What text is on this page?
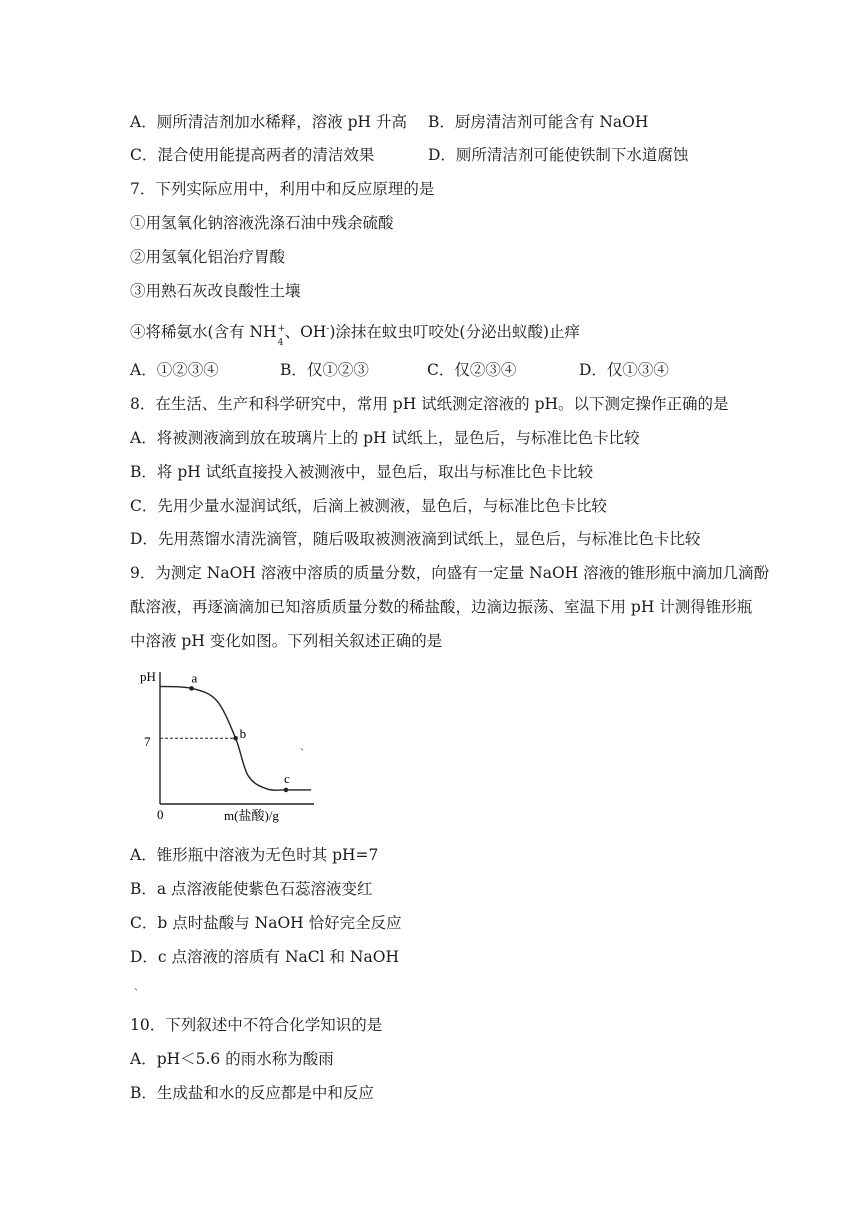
A．厕所清洁剂加水稀释，溶液 pH 升高 B．厨房清洁剂可能含有 NaOH
C．混合使用能提高两者的清洁效果	D．厕所清洁剂可能使铁制下水道腐蚀
7．下列实际应用中，利用中和反应原理的是
①用氢氧化钠溶液洗涤石油中残余硫酸
②用氢氧化铝治疗胃酸
③用熟石灰改良酸性土壤
④将稀氨水(含有 NH +
4
、OH-)涂抹在蚊虫叮咬处(分泌出蚁酸)止痒
A．①②③④	B．仅①②③	C．仅②③④	D．仅①③④
8．在生活、生产和科学研究中，常用 pH 试纸测定溶液的 pH。以下测定操作正确的是
A．将被测液滴到放在玻璃片上的 pH 试纸上，显色后，与标准比色卡比较
B．将 pH 试纸直接投入被测液中，显色后，取出与标准比色卡比较
C．先用少量水湿润试纸，后滴上被测液，显色后，与标准比色卡比较
D．先用蒸馏水清洗滴管，随后吸取被测液滴到试纸上，显色后，与标准比色卡比较
9．为测定 NaOH 溶液中溶质的质量分数，向盛有一定量 NaOH 溶液的锥形瓶中滴加几滴酚
酞溶液，再逐滴滴加已知溶质质量分数的稀盐酸，边滴边振荡、室温下用 pH 计测得锥形瓶
中溶液 pH 变化如图。下列相关叙述正确的是
pH
7
0	m(盐酸)/g
a
b
c
、
A．锥形瓶中溶液为无色时其 pH=7
B．a 点溶液能使紫色石蕊溶液变红
C．b 点时盐酸与 NaOH 恰好完全反应
D．c 点溶液的溶质有 NaCl 和 NaOH
、
10．下列叙述中不符合化学知识的是
A．pH＜5.6 的雨水称为酸雨
B．生成盐和水的反应都是中和反应
